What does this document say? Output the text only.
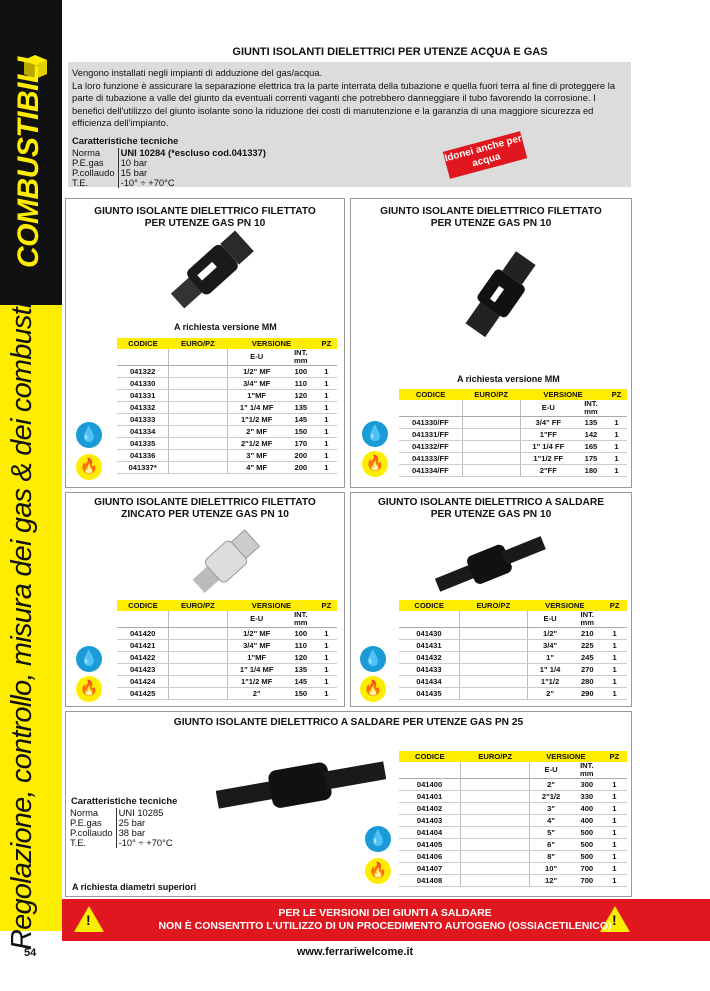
COMBUSTIBILI
Regolazione, controllo, misura dei gas & dei combustibili
GIUNTI ISOLANTI DIELETTRICI PER UTENZE ACQUA E GAS
Vengono installati negli impianti di adduzione del gas/acqua.
La loro funzione è assicurare la separazione elettrica tra la parte interrata della tubazione e quella fuori terra al fine di proteggere la parte di tubazione a valle del giunto da eventuali correnti vaganti che potrebbero danneggiare il tubo favorendo la corrosione. I benefici dell'utilizzo del giunto isolante sono la riduzione dei costi di manutenzione e la garanzia di una maggiore sicurezza ed efficienza dell'impianto.
Caratteristiche tecniche
Norma	UNI 10284 (*escluso cod.041337)
P.E.gas	10 bar
P.collaudo	15 bar
T.E.	-10° ÷ +70°C
Idonei anche per acqua
GIUNTO ISOLANTE DIELETTRICO FILETTATO PER UTENZE GAS PN 10
A richiesta versione MM
CODICE	EURO/PZ	VERSIONE		PZ
		E-U	INT. mm	
041322		1/2" MF	100	1
041330		3/4" MF	110	1
041331		1"MF	120	1
041332		1" 1/4 MF	135	1
041333		1"1/2 MF	145	1
041334		2" MF	150	1
041335		2"1/2 MF	170	1
041336		3" MF	200	1
041337*		4" MF	200	1
💧
🔥
GIUNTO ISOLANTE DIELETTRICO FILETTATO PER UTENZE GAS PN 10
A richiesta versione MM
CODICE	EURO/PZ	VERSIONE		PZ
		E-U	INT. mm	
041330/FF		3/4" FF	135	1
041331/FF		1"FF	142	1
041332/FF		1" 1/4 FF	165	1
041333/FF		1"1/2 FF	175	1
041334/FF		2"FF	180	1
💧
🔥
GIUNTO ISOLANTE DIELETTRICO FILETTATO ZINCATO PER UTENZE GAS PN 10
CODICE	EURO/PZ	VERSIONE		PZ
		E-U	INT. mm	
041420		1/2" MF	100	1
041421		3/4" MF	110	1
041422		1"MF	120	1
041423		1" 1/4 MF	135	1
041424		1"1/2 MF	145	1
041425		2"	150	1
💧
🔥
GIUNTO ISOLANTE DIELETTRICO A SALDARE PER UTENZE GAS PN 10
CODICE	EURO/PZ	VERSIONE		PZ
		E-U	INT. mm	
041430		1/2"	210	1
041431		3/4"	225	1
041432		1"	245	1
041433		1" 1/4	270	1
041434		1"1/2	280	1
041435		2"	290	1
💧
🔥
GIUNTO ISOLANTE DIELETTRICO A SALDARE PER UTENZE GAS PN 25
A richiesta diametri superiori
Caratteristiche tecniche
Norma	UNI 10285
P.E.gas	25 bar
P.collaudo	38 bar
T.E.	-10° ÷ +70°C
CODICE	EURO/PZ	VERSIONE		PZ
		E-U	INT. mm	
041400		2"	300	1
041401		2"1/2	330	1
041402		3"	400	1
041403		4"	400	1
041404		5"	500	1
041405		6"	500	1
041406		8"	500	1
041407		10"	700	1
041408		12"	700	1
💧
🔥
!	!
PER LE VERSIONI DEI GIUNTI A SALDARE
NON È CONSENTITO L'UTILIZZO DI UN PROCEDIMENTO AUTOGENO (OSSIACETILENICO)
54	www.ferrariwelcome.it
